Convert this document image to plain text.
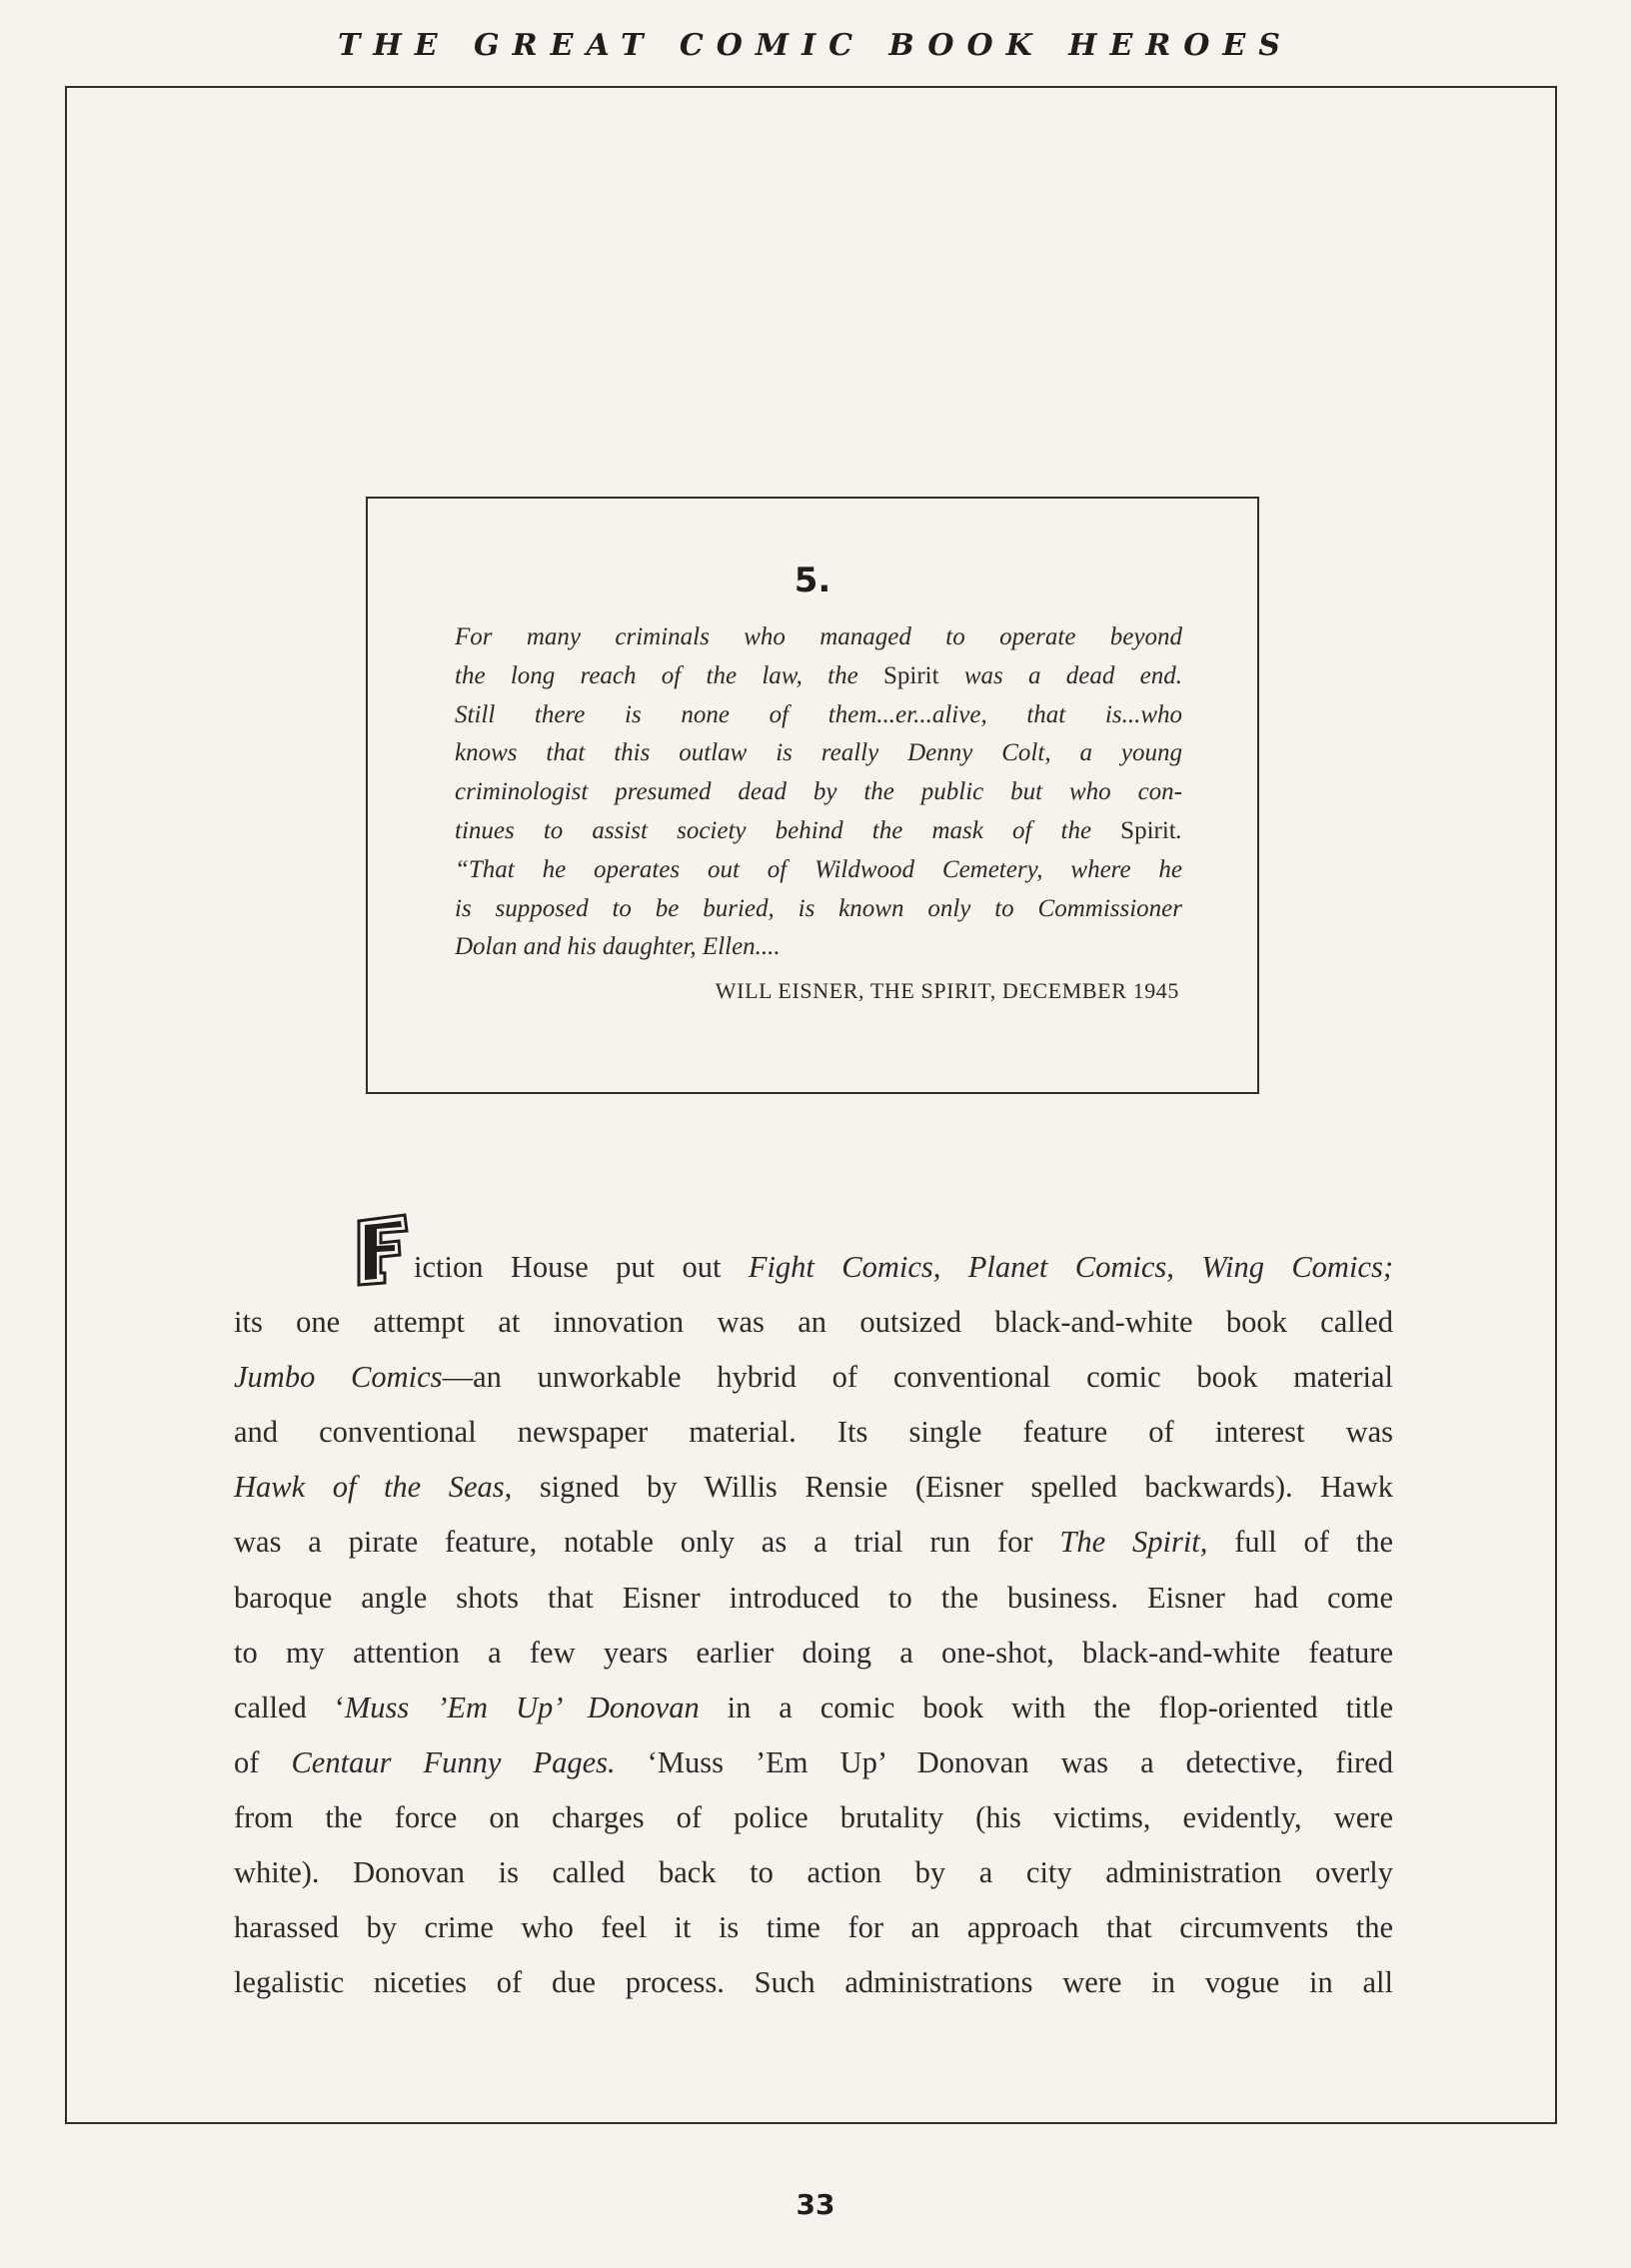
THE GREAT COMIC BOOK HEROES
5.
For many criminals who managed to operate beyond
the long reach of the law, the Spirit was a dead end.
Still there is none of them...er...alive, that is...who
knows that this outlaw is really Denny Colt, a young
criminologist presumed dead by the public but who con-
tinues to assist society behind the mask of the Spirit.
“That he operates out of Wildwood Cemetery, where he
is supposed to be buried, is known only to Commissioner
Dolan and his daughter, Ellen....
WILL EISNER, THE SPIRIT, DECEMBER 1945
iction House put out Fight Comics, Planet Comics, Wing Comics;
its one attempt at innovation was an outsized black-and-white book called
Jumbo Comics—an unworkable hybrid of conventional comic book material
and conventional newspaper material. Its single feature of interest was
Hawk of the Seas, signed by Willis Rensie (Eisner spelled backwards). Hawk
was a pirate feature, notable only as a trial run for The Spirit, full of the
baroque angle shots that Eisner introduced to the business. Eisner had come
to my attention a few years earlier doing a one-shot, black-and-white feature
called ‘Muss ’Em Up’ Donovan in a comic book with the flop-oriented title
of Centaur Funny Pages. ‘Muss ’Em Up’ Donovan was a detective, fired
from the force on charges of police brutality (his victims, evidently, were
white). Donovan is called back to action by a city administration overly
harassed by crime who feel it is time for an approach that circumvents the
legalistic niceties of due process. Such administrations were in vogue in all
33
